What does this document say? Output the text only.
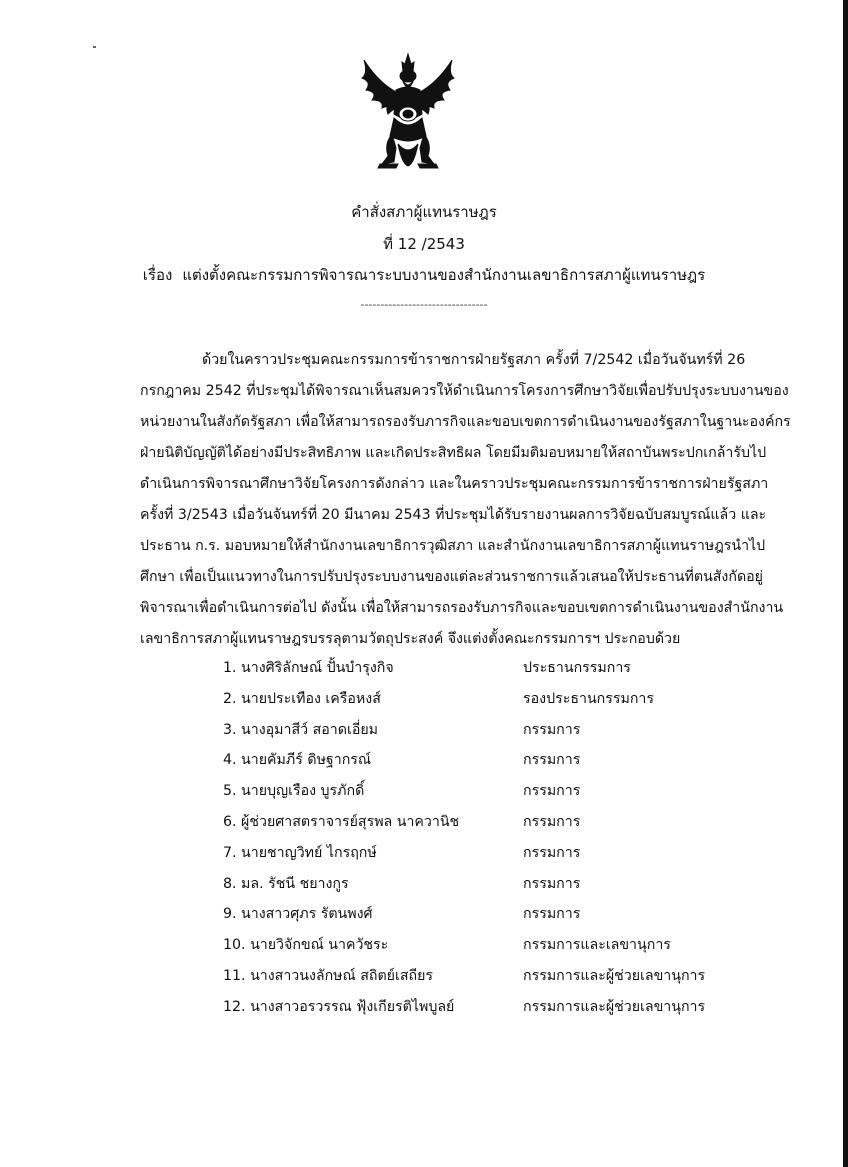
คำสั่งสภาผู้แทนราษฎร
ที่ 12 /2543
เรื่อง แต่งตั้งคณะกรรมการพิจารณาระบบงานของสำนักงานเลขาธิการสภาผู้แทนราษฎร
--------------------------------
ด้วยในคราวประชุมคณะกรรมการข้าราชการฝ่ายรัฐสภา ครั้งที่ 7/2542 เมื่อวันจันทร์ที่ 26
กรกฎาคม 2542 ที่ประชุมได้พิจารณาเห็นสมควรให้ดำเนินการโครงการศึกษาวิจัยเพื่อปรับปรุงระบบงานของ
หน่วยงานในสังกัดรัฐสภา เพื่อให้สามารถรองรับภารกิจและขอบเขตการดำเนินงานของรัฐสภาในฐานะองค์กร
ฝ่ายนิติบัญญัติได้อย่างมีประสิทธิภาพ และเกิดประสิทธิผล โดยมีมติมอบหมายให้สถาบันพระปกเกล้ารับไป
ดำเนินการพิจารณาศึกษาวิจัยโครงการดังกล่าว และในคราวประชุมคณะกรรมการข้าราชการฝ่ายรัฐสภา
ครั้งที่ 3/2543 เมื่อวันจันทร์ที่ 20 มีนาคม 2543 ที่ประชุมได้รับรายงานผลการวิจัยฉบับสมบูรณ์แล้ว และ
ประธาน ก.ร. มอบหมายให้สำนักงานเลขาธิการวุฒิสภา และสำนักงานเลขาธิการสภาผู้แทนราษฎรนำไป
ศึกษา เพื่อเป็นแนวทางในการปรับปรุงระบบงานของแต่ละส่วนราชการแล้วเสนอให้ประธานที่ตนสังกัดอยู่
พิจารณาเพื่อดำเนินการต่อไป ดังนั้น เพื่อให้สามารถรองรับภารกิจและขอบเขตการดำเนินงานของสำนักงาน
เลขาธิการสภาผู้แทนราษฎรบรรลุตามวัตถุประสงค์ จึงแต่งตั้งคณะกรรมการฯ ประกอบด้วย
1. นางศิริลักษณ์ ปั้นบำรุงกิจ	ประธานกรรมการ
2. นายประเทือง เครือหงส์	รองประธานกรรมการ
3. นางอุมาสีว์ สอาดเอี่ยม	กรรมการ
4. นายคัมภีร์ ดิษฐากรณ์	กรรมการ
5. นายบุญเรือง บูรภักดิ์	กรรมการ
6. ผู้ช่วยศาสตราจารย์สุรพล นาควานิช	กรรมการ
7. นายชาญวิทย์ ไกรฤกษ์	กรรมการ
8. มล. รัชนี ชยางกูร	กรรมการ
9. นางสาวศุภร รัตนพงศ์	กรรมการ
10. นายวิจักขณ์ นาควัชระ	กรรมการและเลขานุการ
11. นางสาวนงลักษณ์ สถิตย์เสถียร	กรรมการและผู้ช่วยเลขานุการ
12. นางสาวอรวรรณ ฟุ้งเกียรติไพบูลย์	กรรมการและผู้ช่วยเลขานุการ
